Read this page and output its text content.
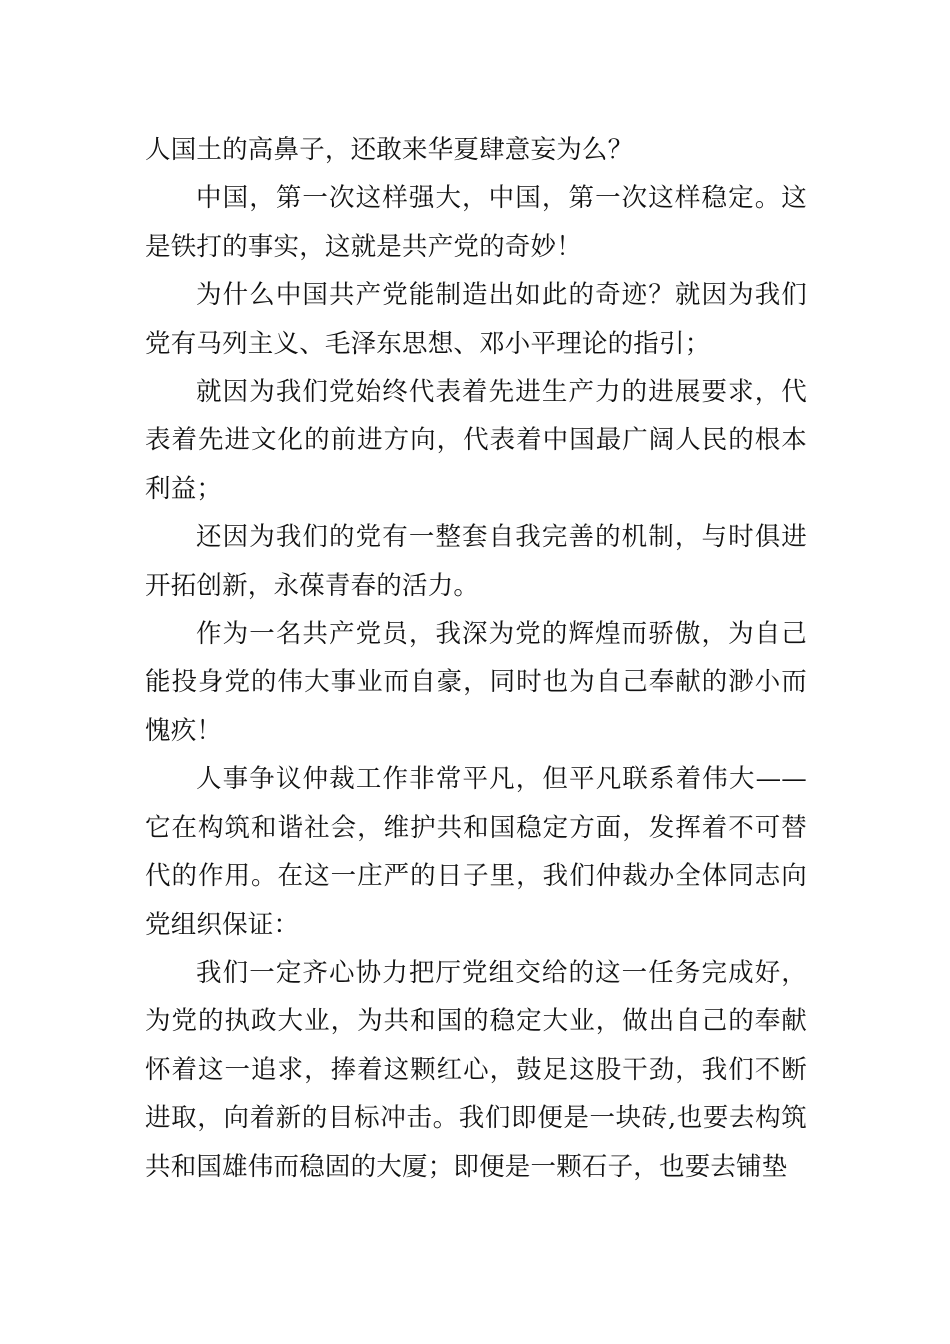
人国土的高鼻子，还敢来华夏肆意妄为么？

中国，第一次这样强大，中国，第一次这样稳定。这是铁打的事实，这就是共产党的奇妙！

为什么中国共产党能制造出如此的奇迹？就因为我们党有马列主义、毛泽东思想、邓小平理论的指引；

就因为我们党始终代表着先进生产力的进展要求，代表着先进文化的前进方向，代表着中国最广阔人民的根本利益；

还因为我们的党有一整套自我完善的机制，与时俱进开拓创新，永葆青春的活力。

作为一名共产党员，我深为党的辉煌而骄傲，为自己能投身党的伟大事业而自豪，同时也为自己奉献的渺小而愧疚！

人事争议仲裁工作非常平凡，但平凡联系着伟大——它在构筑和谐社会，维护共和国稳定方面，发挥着不可替代的作用。在这一庄严的日子里，我们仲裁办全体同志向党组织保证：

我们一定齐心协力把厅党组交给的这一任务完成好，为党的执政大业，为共和国的稳定大业，做出自己的奉献怀着这一追求，捧着这颗红心，鼓足这股干劲，我们不断进取，向着新的目标冲击。我们即便是一块砖,也要去构筑共和国雄伟而稳固的大厦；即便是一颗石子，也要去铺垫
